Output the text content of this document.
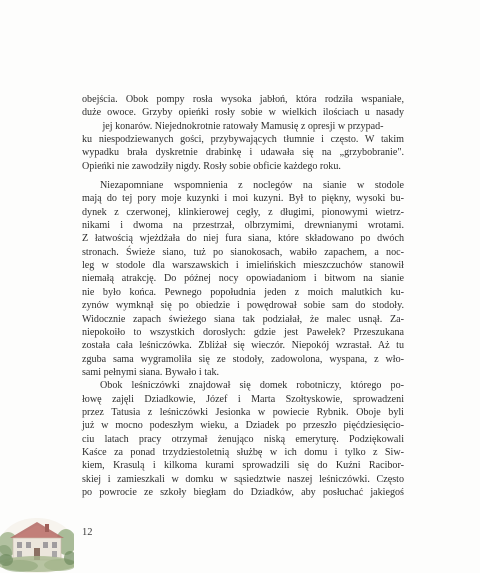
obejścia. Obok pompy rosła wysoka jabłoń, która rodziła wspaniałe,
duże owoce. Grzyby opieńki rosły sobie w wielkich ilościach u nasady
jej konarów. Niejednokrotnie ratowały Mamusię z opresji w przypad-
ku niespodziewanych gości, przybywających tłumnie i często. W takim
wypadku brała dyskretnie drabinkę i udawała się na „grzybobranie".
Opieńki nie zawodziły nigdy. Rosły sobie obficie każdego roku.

Niezapomniane wspomnienia z noclegów na sianie w stodole
mają do tej pory moje kuzynki i moi kuzyni. Był to piękny, wysoki bu-
dynek z czerwonej, klinkierowej cegły, z długimi, pionowymi wietrz-
nikami i dwoma na przestrzał, olbrzymimi, drewnianymi wrotami.
Z łatwością wjeżdżała do niej fura siana, które składowano po dwóch
stronach. Świeże siano, tuż po sianokosach, wabiło zapachem, a noc-
leg w stodole dla warszawskich i imielińskich mieszczuchów stanowił
niemałą atrakcję. Do późnej nocy opowiadaniom i bitwom na sianie
nie było końca. Pewnego popołudnia jeden z moich malutkich ku-
zynów wymknął się po obiedzie i powędrował sobie sam do stodoły.
Widocznie zapach świeżego siana tak podziałał, że malec usnął. Za-
niepokoiło to wszystkich dorosłych: gdzie jest Pawełek? Przeszukana
została cała leśniczówka. Zbliżał się wieczór. Niepokój wzrastał. Aż tu
zguba sama wygramoliła się ze stodoły, zadowolona, wyspana, z wło-
sami pełnymi siana. Bywało i tak.

Obok leśniczówki znajdował się domek robotniczy, którego po-
łowę zajęli Dziadkowie, Józef i Marta Szołtyskowie, sprowadzeni
przez Tatusia z leśniczówki Jesionka w powiecie Rybnik. Oboje byli
już w mocno podeszłym wieku, a Dziadek po przeszło pięćdziesięcio-
ciu latach pracy otrzymał żenująco niską emeryturę. Podziękowali
Kaśce za ponad trzydziestoletnią służbę w ich domu i tylko z Siw-
kiem, Krasulą i kilkoma kurami sprowadzili się do Kuźni Racibor-
skiej i zamieszkali w domku w sąsiedztwie naszej leśniczówki. Często
po powrocie ze szkoły biegłam do Dziadków, aby posłuchać jakiegoś

12
